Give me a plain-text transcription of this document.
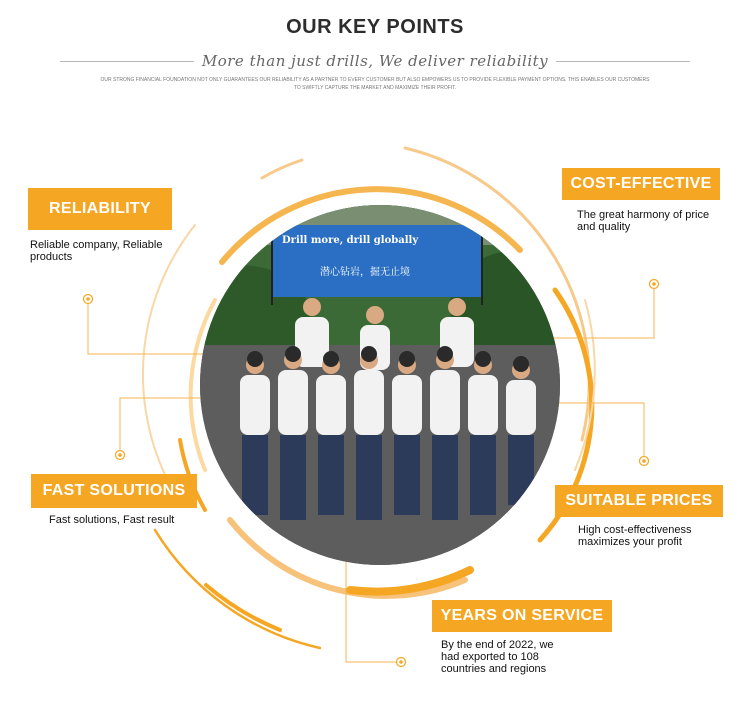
OUR KEY POINTS
More than just drills, We deliver reliability
OUR STRONG FINANCIAL FOUNDATION NOT ONLY GUARANTEES OUR RELIABILITY AS A PARTNER TO EVERY CUSTOMER BUT ALSO EMPOWERS US TO PROVIDE FLEXIBLE PAYMENT OPTIONS. THIS ENABLES OUR CUSTOMERS TO SWIFTLY CAPTURE THE MARKET AND MAXIMIZE THEIR PROFIT.
Drill more, drill globally
潜心钻岩，掘无止境
RELIABILITY
Reliable company, Reliable products
COST-EFFECTIVE
The great harmony of price and quality
FAST SOLUTIONS
Fast solutions, Fast result
SUITABLE PRICES
High cost-effectiveness maximizes your profit
YEARS ON SERVICE
By the end of 2022, we had exported to 108 countries and regions
